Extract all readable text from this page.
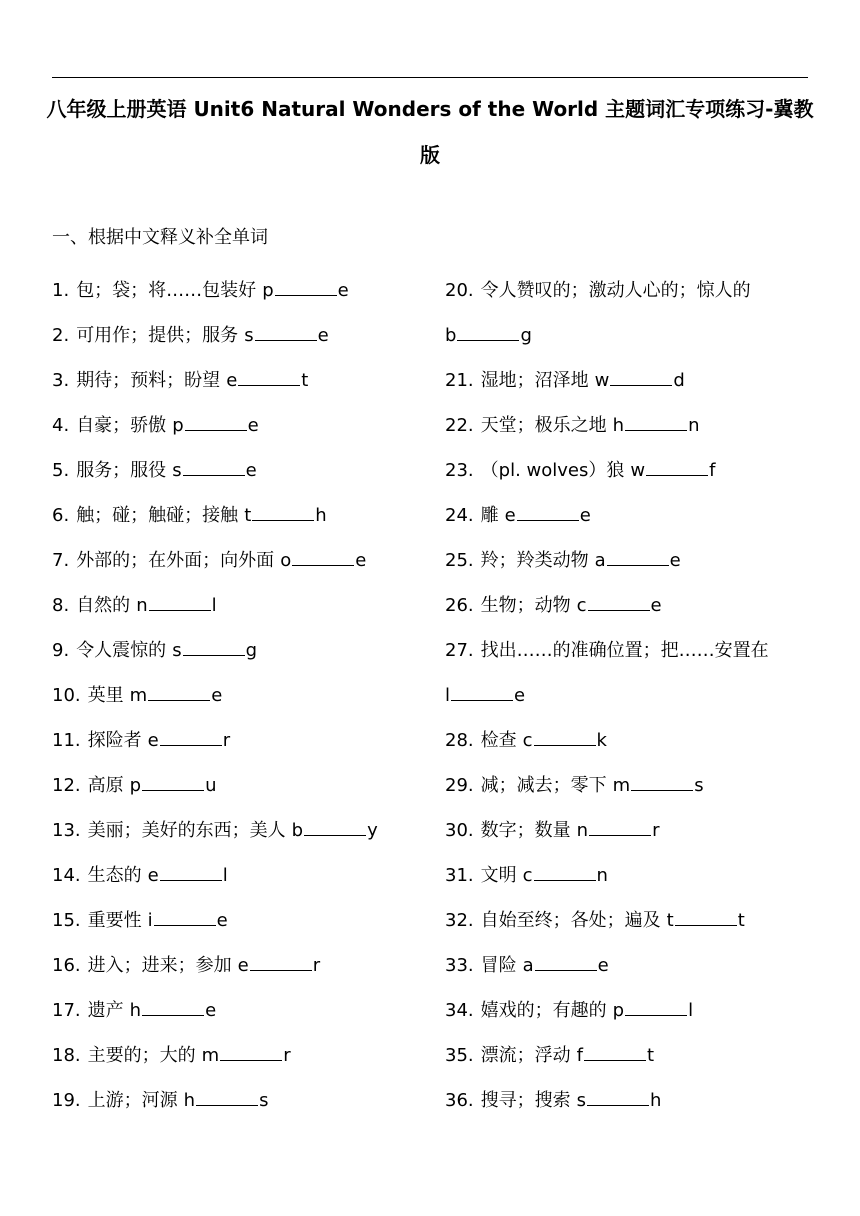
八年级上册英语 Unit6 Natural Wonders of the World 主题词汇专项练习-冀教版
一、根据中文释义补全单词
1. 包；袋；将……包装好 p	e
2. 可用作；提供；服务 s	e
3. 期待；预料；盼望 e	t
4. 自豪；骄傲 p	e
5. 服务；服役 s	e
6. 触；碰；触碰；接触 t	h
7. 外部的；在外面；向外面 o	e
8. 自然的 n	l
9. 令人震惊的 s	g
10. 英里 m	e
11. 探险者 e	r
12. 高原 p	u
13. 美丽；美好的东西；美人 b	y
14. 生态的 e	l
15. 重要性 i	e
16. 进入；进来；参加 e	r
17. 遗产 h	e
18. 主要的；大的 m	r
19. 上游；河源 h	s
20. 令人赞叹的；激动人心的；惊人的b	g
21. 湿地；沼泽地 w	d
22. 天堂；极乐之地 h	n
23. （pl. wolves）狼 w	f
24. 雕 e	e
25. 羚；羚类动物 a	e
26. 生物；动物 c	e
27. 找出……的准确位置；把……安置在l	e
28. 检查 c	k
29. 减；减去；零下 m	s
30. 数字；数量 n	r
31. 文明 c	n
32. 自始至终；各处；遍及 t	t
33. 冒险 a	e
34. 嬉戏的；有趣的 p	l
35. 漂流；浮动 f	t
36. 搜寻；搜索 s	h
